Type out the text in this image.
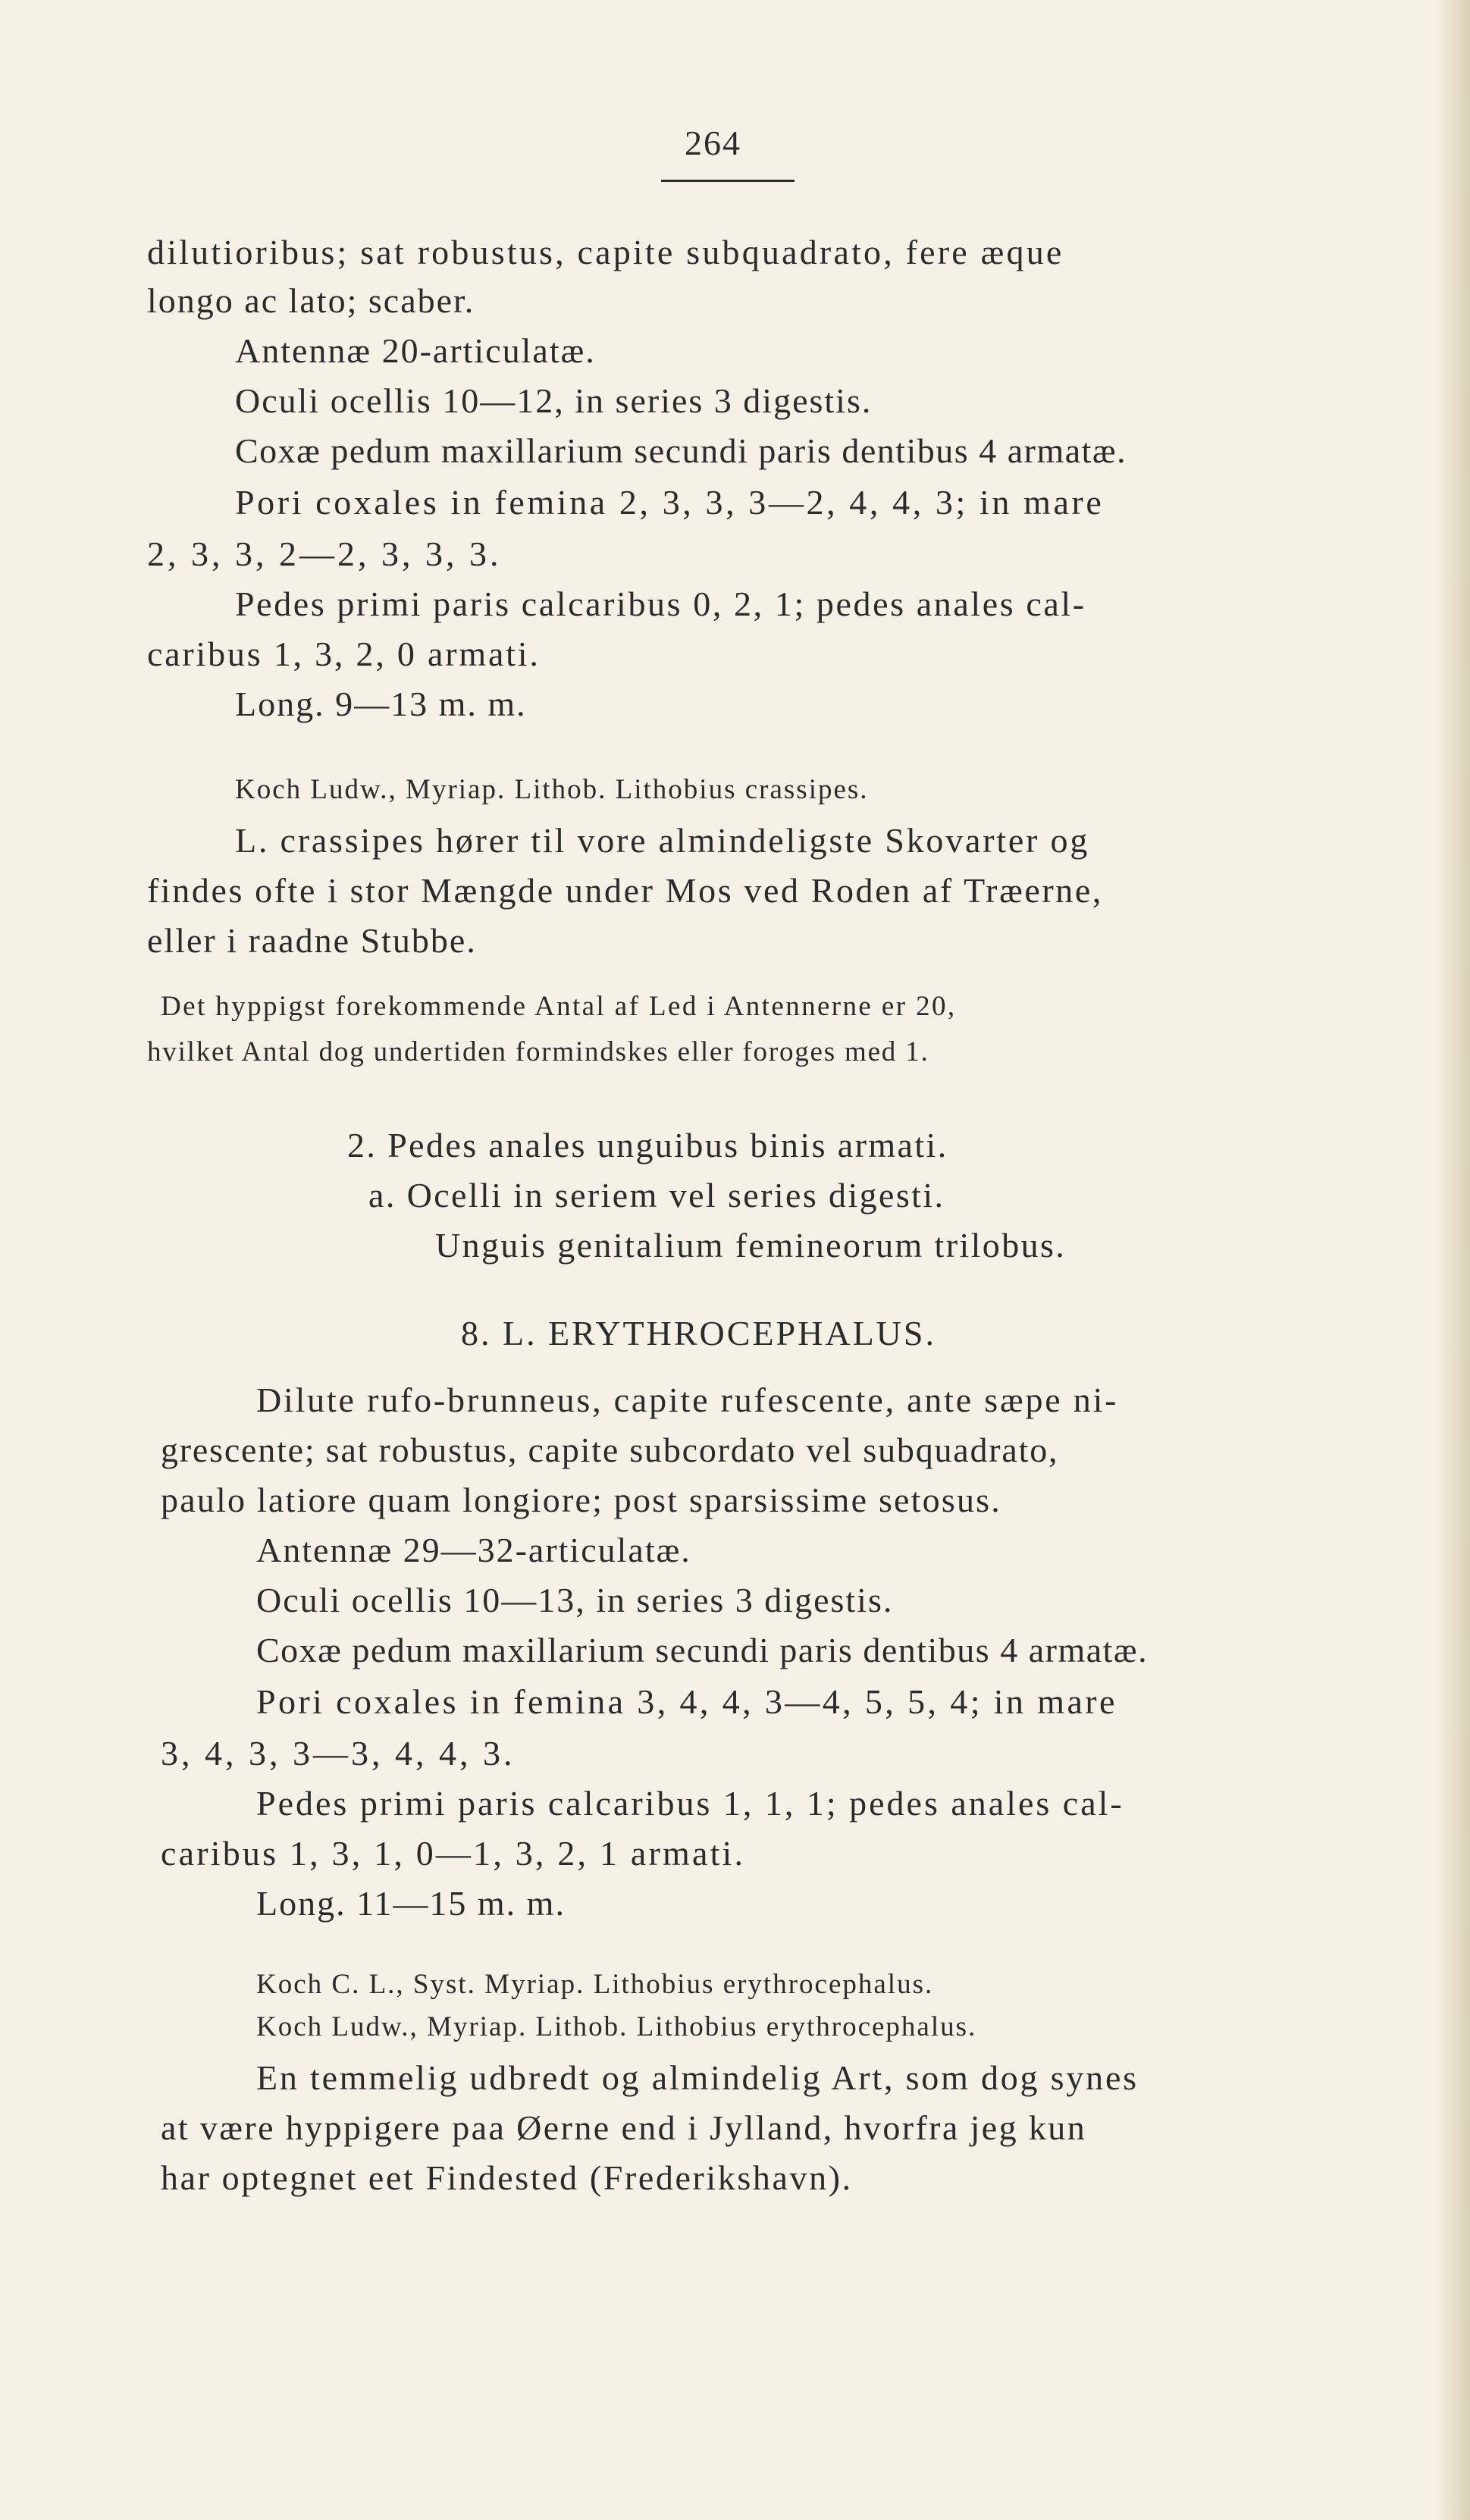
264
dilutioribus; sat robustus, capite subquadrato, fere æque
longo ac lato; scaber.
Antennæ 20-articulatæ.
Oculi ocellis 10—12, in series 3 digestis.
Coxæ pedum maxillarium secundi paris dentibus 4 armatæ.
Pori coxales in femina 2, 3, 3, 3—2, 4, 4, 3; in mare
2, 3, 3, 2—2, 3, 3, 3.
Pedes primi paris calcaribus 0, 2, 1; pedes anales cal-
caribus 1, 3, 2, 0 armati.
Long. 9—13 m. m.
Koch Ludw., Myriap. Lithob. Lithobius crassipes.
L. crassipes hører til vore almindeligste Skovarter og
findes ofte i stor Mængde under Mos ved Roden af Træerne,
eller i raadne Stubbe.
Det hyppigst forekommende Antal af Led i Antennerne er 20,
hvilket Antal dog undertiden formindskes eller foroges med 1.
2. Pedes anales unguibus binis armati.
a. Ocelli in seriem vel series digesti.
Unguis genitalium femineorum trilobus.
8. L. ERYTHROCEPHALUS.
Dilute rufo-brunneus, capite rufescente, ante sæpe ni-
grescente; sat robustus, capite subcordato vel subquadrato,
paulo latiore quam longiore; post sparsissime setosus.
Antennæ 29—32-articulatæ.
Oculi ocellis 10—13, in series 3 digestis.
Coxæ pedum maxillarium secundi paris dentibus 4 armatæ.
Pori coxales in femina 3, 4, 4, 3—4, 5, 5, 4; in mare
3, 4, 3, 3—3, 4, 4, 3.
Pedes primi paris calcaribus 1, 1, 1; pedes anales cal-
caribus 1, 3, 1, 0—1, 3, 2, 1 armati.
Long. 11—15 m. m.
Koch C. L., Syst. Myriap. Lithobius erythrocephalus.
Koch Ludw., Myriap. Lithob. Lithobius erythrocephalus.
En temmelig udbredt og almindelig Art, som dog synes
at være hyppigere paa Øerne end i Jylland, hvorfra jeg kun
har optegnet eet Findested (Frederikshavn).
